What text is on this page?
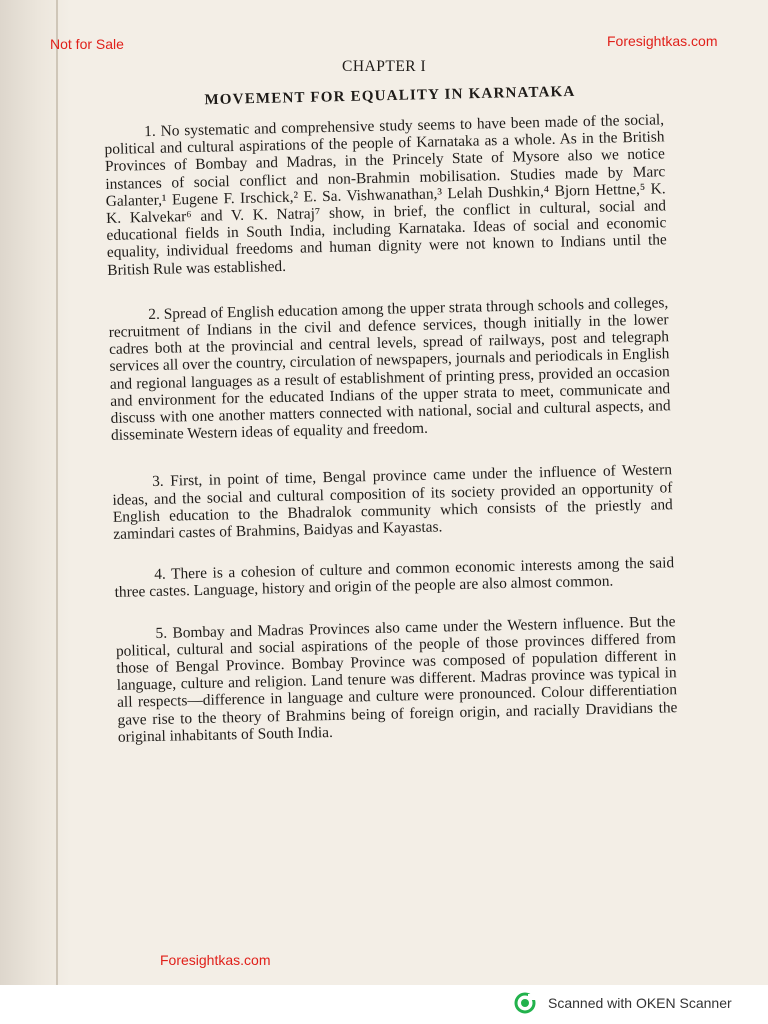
Not for Sale	Foresightkas.com
CHAPTER I
MOVEMENT FOR EQUALITY IN KARNATAKA

1. No systematic and comprehensive study seems to have been made of the social, political and cultural aspirations of the people of Karnataka as a whole. As in the British Provinces of Bombay and Madras, in the Princely State of Mysore also we notice instances of social conflict and non-Brahmin mobilisation. Studies made by Marc Galanter,¹ Eugene F. Irschick,² E. Sa. Vishwanathan,³ Lelah Dushkin,⁴ Bjorn Hettne,⁵ K. K. Kalvekar⁶ and V. K. Natraj⁷ show, in brief, the conflict in cultural, social and educational fields in South India, including Karnataka. Ideas of social and economic equality, individual freedoms and human dignity were not known to Indians until the British Rule was established.

2. Spread of English education among the upper strata through schools and colleges, recruitment of Indians in the civil and defence services, though initially in the lower cadres both at the provincial and central levels, spread of railways, post and telegraph services all over the country, circulation of newspapers, journals and periodicals in English and regional languages as a result of establishment of printing press, provided an occasion and environment for the educated Indians of the upper strata to meet, communicate and discuss with one another matters connected with national, social and cultural aspects, and disseminate Western ideas of equality and freedom.

3. First, in point of time, Bengal province came under the influence of Western ideas, and the social and cultural composition of its society provided an opportunity of English education to the Bhadralok community which consists of the priestly and zamindari castes of Brahmins, Baidyas and Kayastas.

4. There is a cohesion of culture and common economic interests among the said three castes. Language, history and origin of the people are also almost common.

5. Bombay and Madras Provinces also came under the Western influence. But the political, cultural and social aspirations of the people of those provinces differed from those of Bengal Province. Bombay Province was composed of population different in language, culture and religion. Land tenure was different. Madras province was typical in all respects—difference in language and culture were pronounced. Colour differentiation gave rise to the theory of Brahmins being of foreign origin, and racially Dravidians the original inhabitants of South India.

Foresightkas.com
Scanned with OKEN Scanner
